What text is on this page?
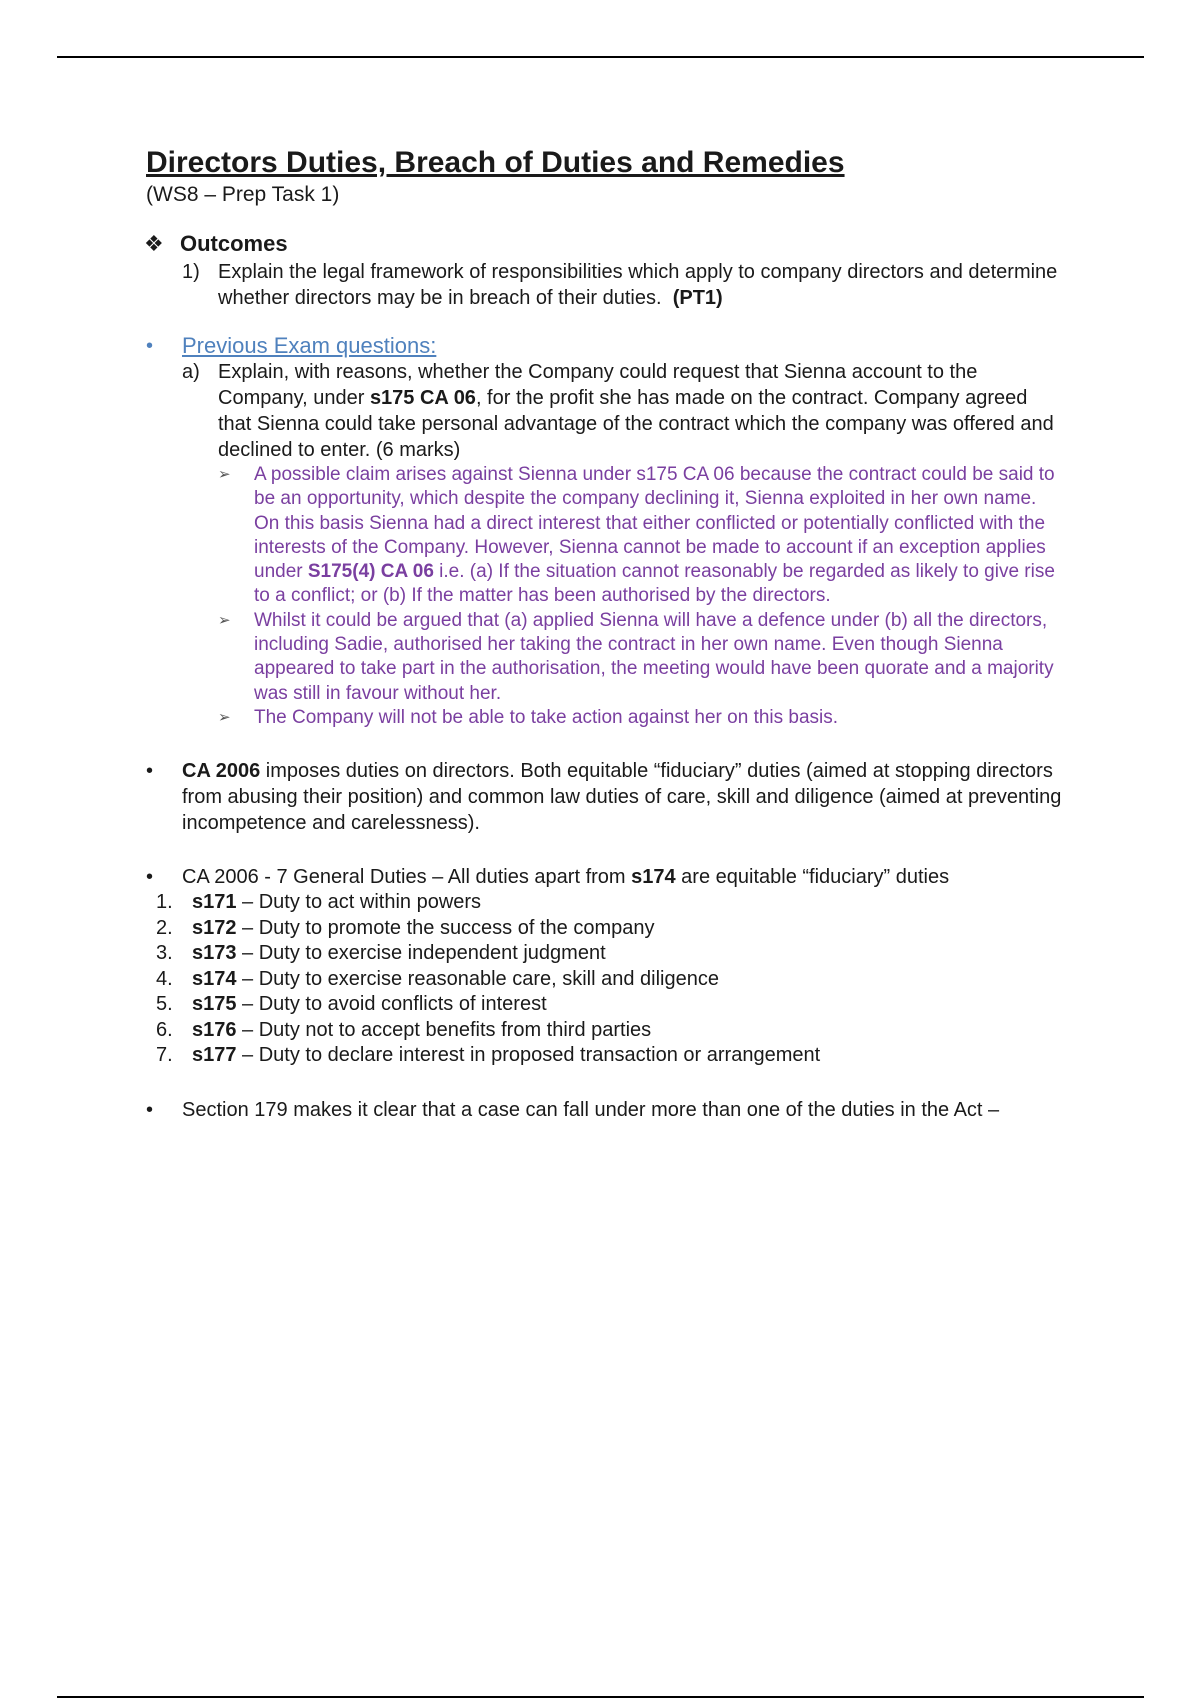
Directors Duties, Breach of Duties and Remedies
(WS8 – Prep Task 1)
❖ Outcomes
1) Explain the legal framework of responsibilities which apply to company directors and determine whether directors may be in breach of their duties. (PT1)
•	Previous Exam questions:
a) Explain, with reasons, whether the Company could request that Sienna account to the Company, under s175 CA 06, for the profit she has made on the contract. Company agreed that Sienna could take personal advantage of the contract which the company was offered and declined to enter. (6 marks)
➢	A possible claim arises against Sienna under s175 CA 06 because the contract could be said to be an opportunity, which despite the company declining it, Sienna exploited in her own name. On this basis Sienna had a direct interest that either conflicted or potentially conflicted with the interests of the Company. However, Sienna cannot be made to account if an exception applies under S175(4) CA 06 i.e. (a) If the situation cannot reasonably be regarded as likely to give rise to a conflict; or (b) If the matter has been authorised by the directors.
➢	Whilst it could be argued that (a) applied Sienna will have a defence under (b) all the directors, including Sadie, authorised her taking the contract in her own name. Even though Sienna appeared to take part in the authorisation, the meeting would have been quorate and a majority was still in favour without her.
➢	The Company will not be able to take action against her on this basis.
•	CA 2006 imposes duties on directors. Both equitable “fiduciary” duties (aimed at stopping directors from abusing their position) and common law duties of care, skill and diligence (aimed at preventing incompetence and carelessness).
•	CA 2006 - 7 General Duties – All duties apart from s174 are equitable “fiduciary” duties
1. s171 – Duty to act within powers
2. s172 – Duty to promote the success of the company
3. s173 – Duty to exercise independent judgment
4. s174 – Duty to exercise reasonable care, skill and diligence
5. s175 – Duty to avoid conflicts of interest
6. s176 – Duty not to accept benefits from third parties
7. s177 – Duty to declare interest in proposed transaction or arrangement
•	Section 179 makes it clear that a case can fall under more than one of the duties in the Act –
